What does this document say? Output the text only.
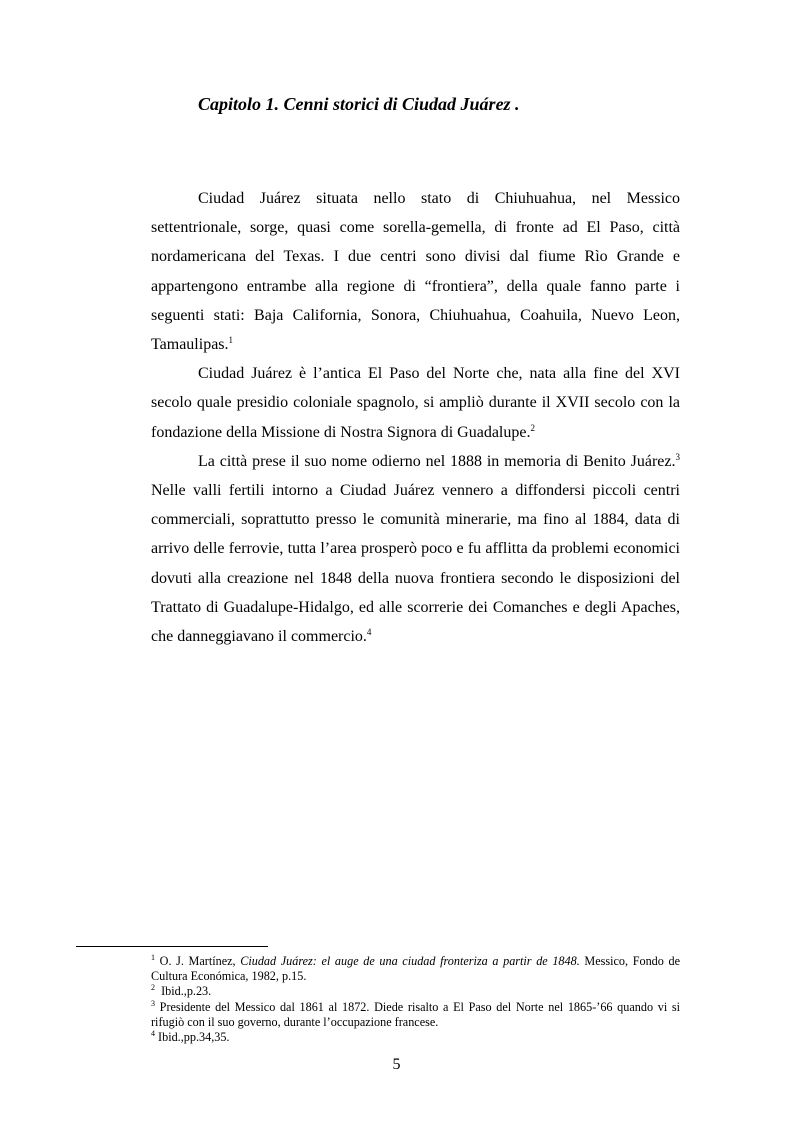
Capitolo 1. Cenni storici di Ciudad Juárez .

Ciudad Juárez situata nello stato di Chiuhuahua, nel Messico settentrionale, sorge, quasi come sorella-gemella, di fronte ad El Paso, città nordamericana del Texas. I due centri sono divisi dal fiume Rìo Grande e appartengono entrambe alla regione di “frontiera”, della quale fanno parte i seguenti stati: Baja California, Sonora, Chiuhuahua, Coahuila, Nuevo Leon, Tamaulipas.$^1$

Ciudad Juárez è l’antica El Paso del Norte che, nata alla fine del XVI secolo quale presidio coloniale spagnolo, si ampliò durante il XVII secolo con la fondazione della Missione di Nostra Signora di Guadalupe.$^2$

La città prese il suo nome odierno nel 1888 in memoria di Benito Juárez.$^3$ Nelle valli fertili intorno a Ciudad Juárez vennero a diffondersi piccoli centri commerciali, soprattutto presso le comunità minerarie, ma fino al 1884, data di arrivo delle ferrovie, tutta l’area prosperò poco e fu afflitta da problemi economici dovuti alla creazione nel 1848 della nuova frontiera secondo le disposizioni del Trattato di Guadalupe-Hidalgo, ed alle scorrerie dei Comanches e degli Apaches, che danneggiavano il commercio.$^4$

$^1$ O. J. Martínez, Ciudad Juárez: el auge de una ciudad fronteriza a partir de 1848. Messico, Fondo de Cultura Económica, 1982, p.15.

$^2$  Ibid.,p.23.

$^3$ Presidente del Messico dal 1861 al 1872. Diede risalto a El Paso del Norte nel 1865-’66 quando vi si rifugiò con il suo governo, durante l’occupazione francese.

$^4$ Ibid.,pp.34,35.

5
